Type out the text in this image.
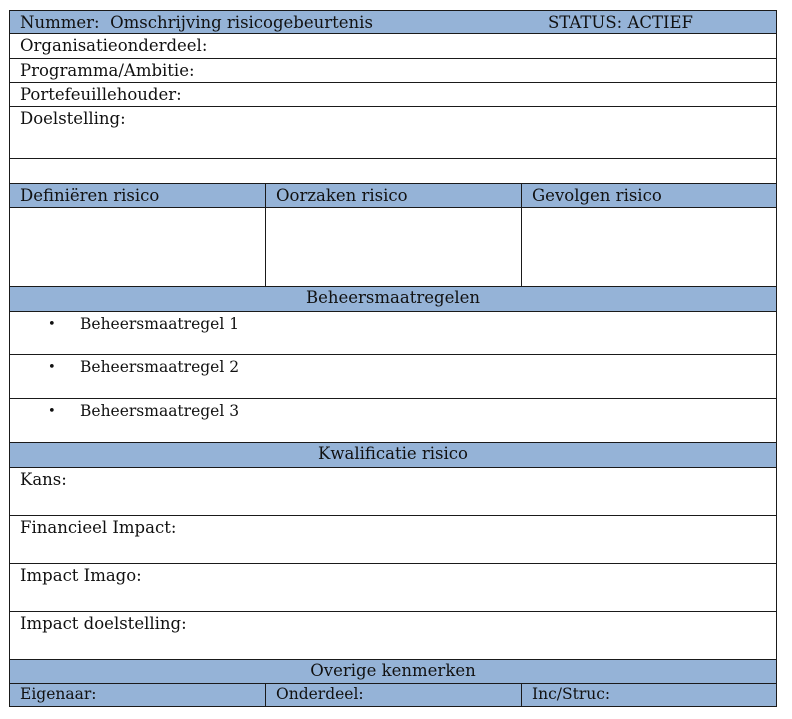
Nummer: Omschrijving risicogebeurtenis	STATUS: ACTIEF
Organisatieonderdeel:
Programma/Ambitie:
Portefeuillehouder:
Doelstelling:
Definiëren risico	Oorzaken risico	Gevolgen risico
Beheersmaatregelen
• Beheersmaatregel 1
• Beheersmaatregel 2
• Beheersmaatregel 3
Kwalificatie risico
Kans:
Financieel Impact:
Impact Imago:
Impact doelstelling:
Overige kenmerken
Eigenaar:	Onderdeel:	Inc/Struc:
